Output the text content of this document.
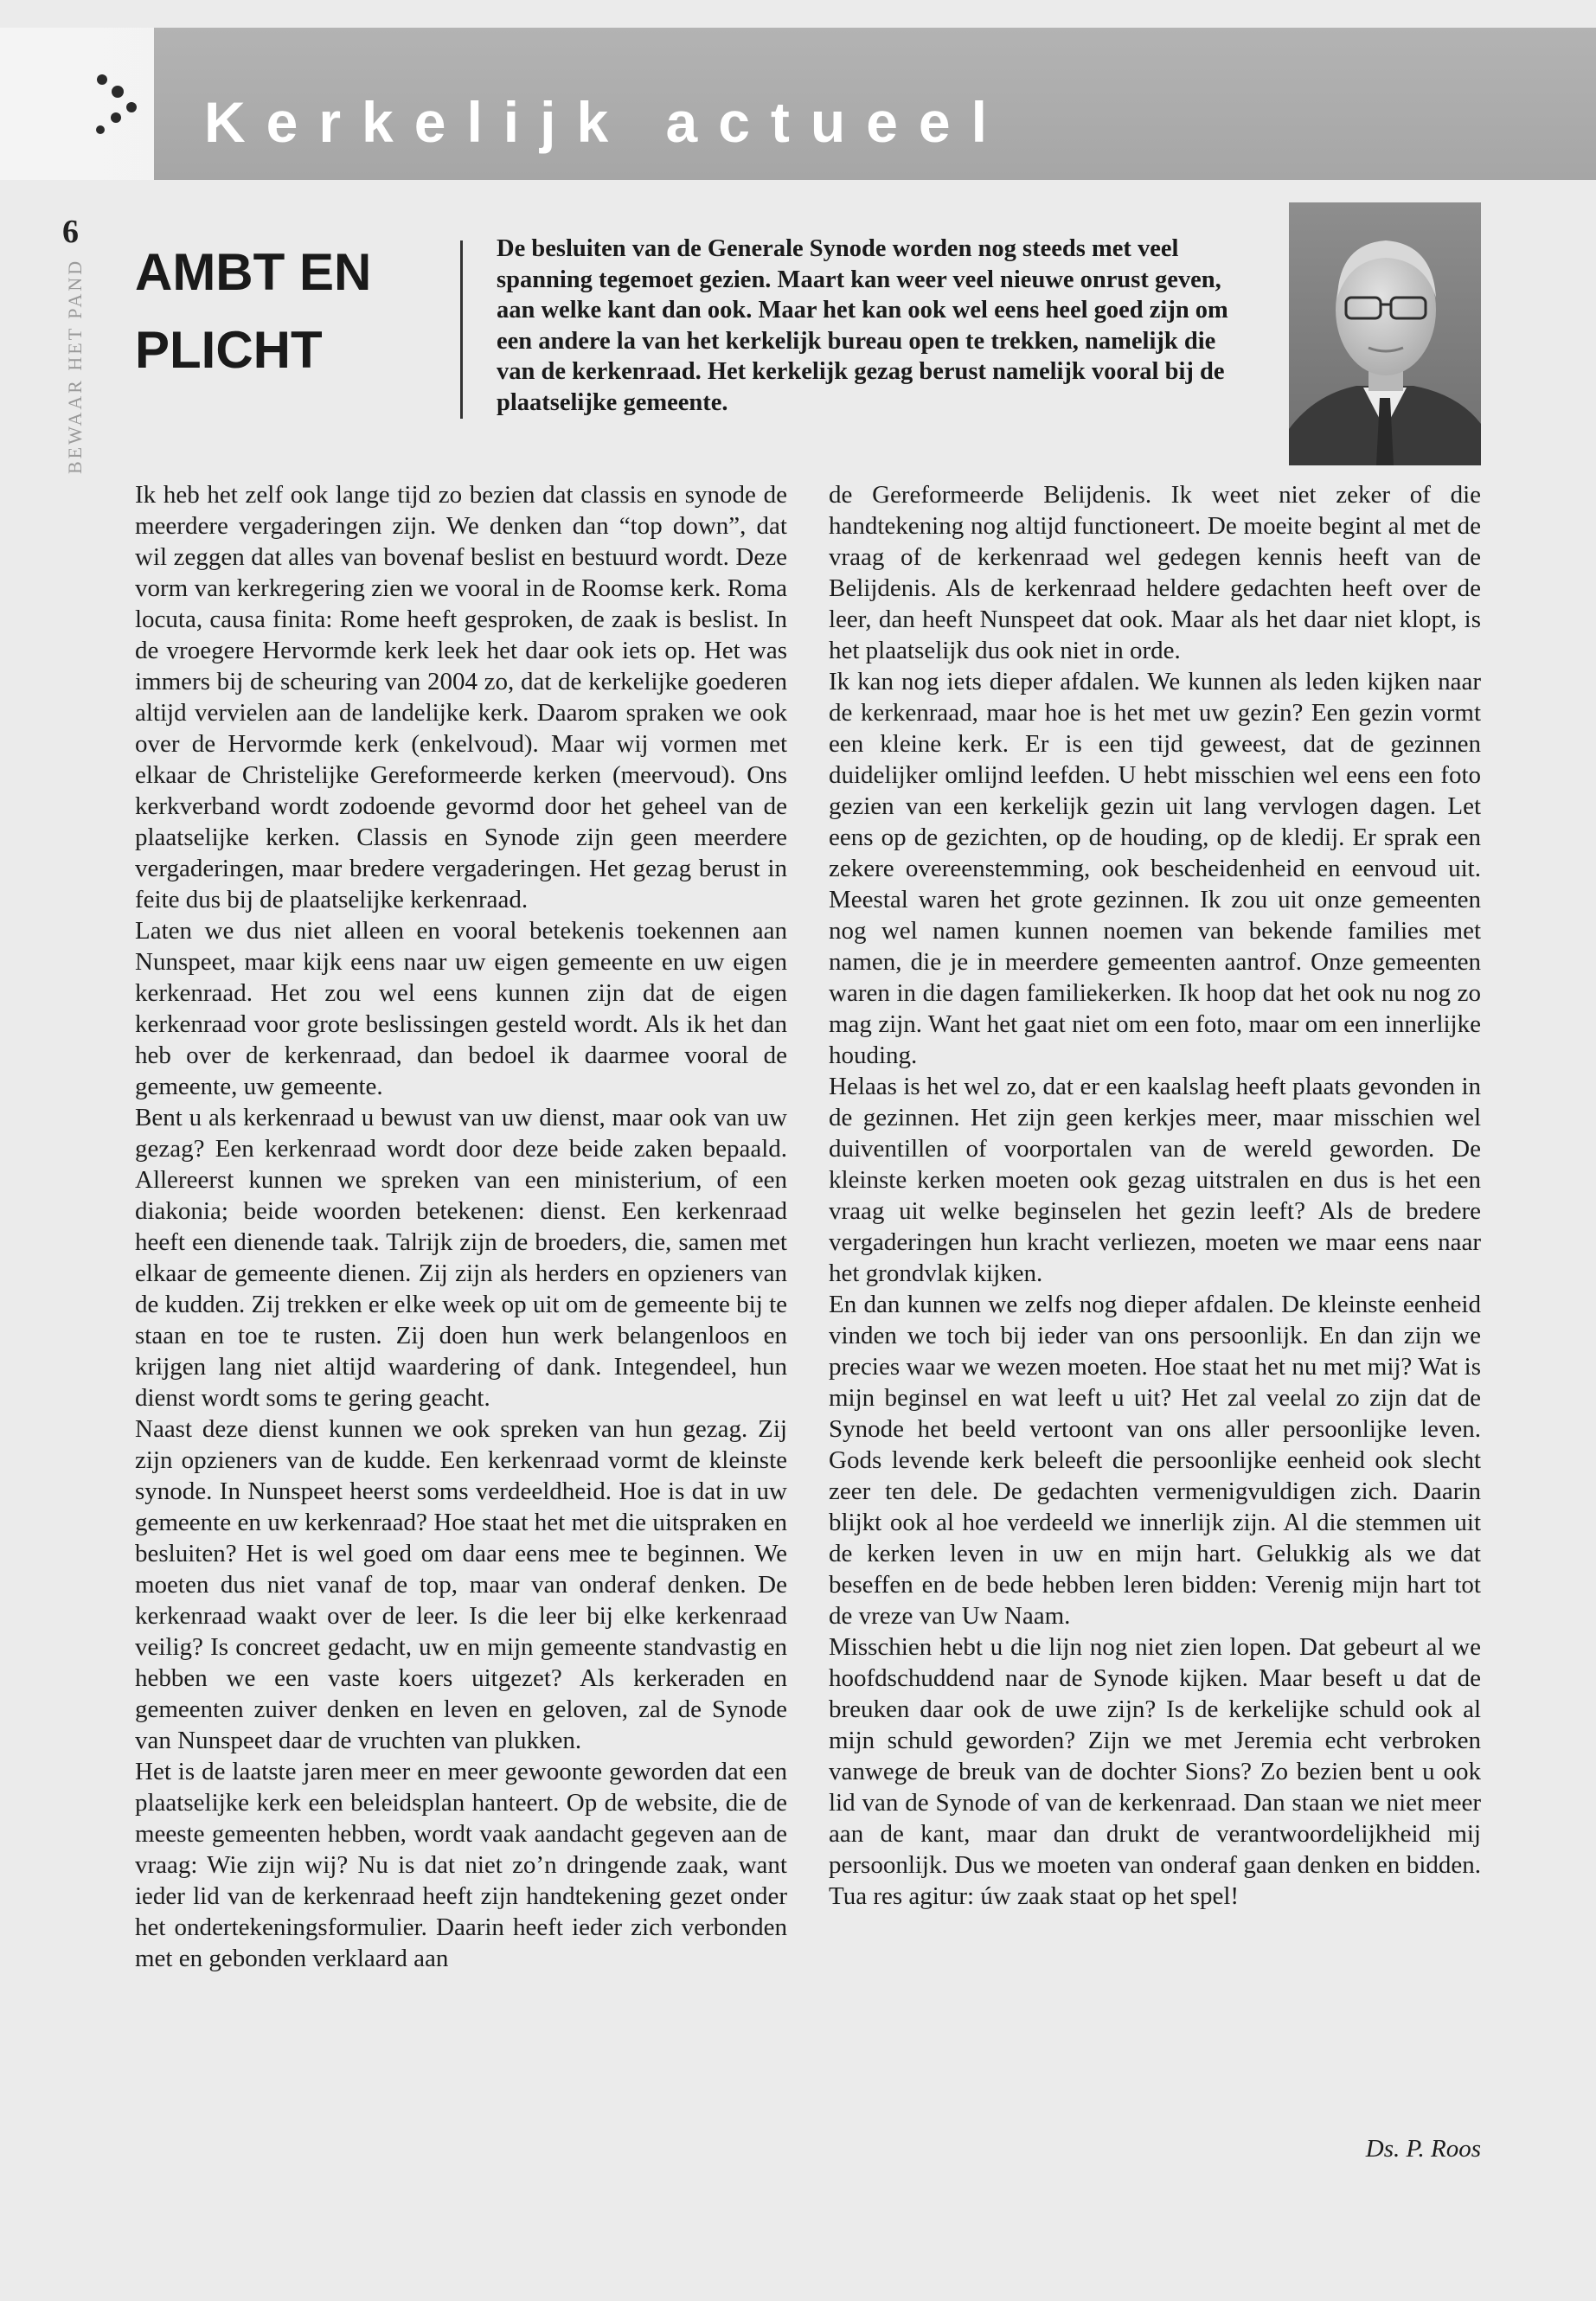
Kerkelijk actueel
6
BEWAAR HET PAND AMBT EN
PLICHT
De besluiten van de Generale Synode worden nog steeds met veel spanning tegemoet gezien. Maart kan weer veel nieuwe onrust geven, aan welke kant dan ook. Maar het kan ook wel eens heel goed zijn om een andere la van het kerkelijk bureau open te trekken, namelijk die van de kerkenraad. Het kerkelijk gezag berust namelijk vooral bij de plaatselijke gemeente.

Ik heb het zelf ook lange tijd zo bezien dat classis en synode de meerdere vergaderingen zijn. We denken dan “top down”, dat wil zeggen dat alles van bovenaf beslist en bestuurd wordt. Deze vorm van kerkregering zien we vooral in de Roomse kerk. Roma locuta, causa finita: Rome heeft gesproken, de zaak is beslist. In de vroegere Hervormde kerk leek het daar ook iets op. Het was immers bij de scheuring van 2004 zo, dat de kerkelijke goederen altijd vervielen aan de landelijke kerk. Daarom spraken we ook over de Hervormde kerk (enkelvoud). Maar wij vormen met elkaar de Christelijke Gereformeerde kerken (meervoud). Ons kerkverband wordt zodoende gevormd door het geheel van de plaatselijke kerken. Classis en Synode zijn geen meerdere vergaderingen, maar bredere vergaderingen. Het gezag berust in feite dus bij de plaatselijke kerkenraad.

Laten we dus niet alleen en vooral betekenis toekennen aan Nunspeet, maar kijk eens naar uw eigen gemeente en uw eigen kerkenraad. Het zou wel eens kunnen zijn dat de eigen kerkenraad voor grote beslissingen gesteld wordt. Als ik het dan heb over de kerkenraad, dan bedoel ik daarmee vooral de gemeente, uw gemeente.

Bent u als kerkenraad u bewust van uw dienst, maar ook van uw gezag? Een kerkenraad wordt door deze beide zaken bepaald. Allereerst kunnen we spreken van een ministerium, of een diakonia; beide woorden betekenen: dienst. Een kerkenraad heeft een dienende taak. Talrijk zijn de broeders, die, samen met elkaar de gemeente dienen. Zij zijn als herders en opzieners van de kudden. Zij trekken er elke week op uit om de gemeente bij te staan en toe te rusten. Zij doen hun werk belangenloos en krijgen lang niet altijd waardering of dank. Integendeel, hun dienst wordt soms te gering geacht.

Naast deze dienst kunnen we ook spreken van hun gezag. Zij zijn opzieners van de kudde. Een kerkenraad vormt de kleinste synode. In Nunspeet heerst soms verdeeldheid. Hoe is dat in uw gemeente en uw kerkenraad? Hoe staat het met die uitspraken en besluiten? Het is wel goed om daar eens mee te beginnen. We moeten dus niet vanaf de top, maar van onderaf denken. De kerkenraad waakt over de leer. Is die leer bij elke kerkenraad veilig? Is concreet gedacht, uw en mijn gemeente standvastig en hebben we een vaste koers uitgezet? Als kerkeraden en gemeenten zuiver denken en leven en geloven, zal de Synode van Nunspeet daar de vruchten van plukken.

Het is de laatste jaren meer en meer gewoonte geworden dat een plaatselijke kerk een beleidsplan hanteert. Op de website, die de meeste gemeenten hebben, wordt vaak aandacht gegeven aan de vraag: Wie zijn wij? Nu is dat niet zo’n dringende zaak, want ieder lid van de kerkenraad heeft zijn handtekening gezet onder het ondertekeningsformulier. Daarin heeft ieder zich verbonden met en gebonden verklaard aan

de Gereformeerde Belijdenis. Ik weet niet zeker of die handtekening nog altijd functioneert. De moeite begint al met de vraag of de kerkenraad wel gedegen kennis heeft van de Belijdenis. Als de kerkenraad heldere gedachten heeft over de leer, dan heeft Nunspeet dat ook. Maar als het daar niet klopt, is het plaatselijk dus ook niet in orde.

Ik kan nog iets dieper afdalen. We kunnen als leden kijken naar de kerkenraad, maar hoe is het met uw gezin? Een gezin vormt een kleine kerk. Er is een tijd geweest, dat de gezinnen duidelijker omlijnd leefden. U hebt misschien wel eens een foto gezien van een kerkelijk gezin uit lang vervlogen dagen. Let eens op de gezichten, op de houding, op de kledij. Er sprak een zekere overeenstemming, ook bescheidenheid en eenvoud uit. Meestal waren het grote gezinnen. Ik zou uit onze gemeenten nog wel namen kunnen noemen van bekende families met namen, die je in meerdere gemeenten aantrof. Onze gemeenten waren in die dagen familiekerken. Ik hoop dat het ook nu nog zo mag zijn. Want het gaat niet om een foto, maar om een innerlijke houding.

Helaas is het wel zo, dat er een kaalslag heeft plaats gevonden in de gezinnen. Het zijn geen kerkjes meer, maar misschien wel duiventillen of voorportalen van de wereld geworden. De kleinste kerken moeten ook gezag uitstralen en dus is het een vraag uit welke beginselen het gezin leeft? Als de bredere vergaderingen hun kracht verliezen, moeten we maar eens naar het grondvlak kijken.

En dan kunnen we zelfs nog dieper afdalen. De kleinste eenheid vinden we toch bij ieder van ons persoonlijk. En dan zijn we precies waar we wezen moeten. Hoe staat het nu met mij? Wat is mijn beginsel en wat leeft u uit? Het zal veelal zo zijn dat de Synode het beeld vertoont van ons aller persoonlijke leven. Gods levende kerk beleeft die persoonlijke eenheid ook slecht zeer ten dele. De gedachten vermenigvuldigen zich. Daarin blijkt ook al hoe verdeeld we innerlijk zijn. Al die stemmen uit de kerken leven in uw en mijn hart. Gelukkig als we dat beseffen en de bede hebben leren bidden: Verenig mijn hart tot de vreze van Uw Naam.

Misschien hebt u die lijn nog niet zien lopen. Dat gebeurt al we hoofdschuddend naar de Synode kijken. Maar beseft u dat de breuken daar ook de uwe zijn? Is de kerkelijke schuld ook al mijn schuld geworden? Zijn we met Jeremia echt verbroken vanwege de breuk van de dochter Sions? Zo bezien bent u ook lid van de Synode of van de kerkenraad. Dan staan we niet meer aan de kant, maar dan drukt de verantwoordelijkheid mij persoonlijk. Dus we moeten van onderaf gaan denken en bidden. Tua res agitur: úw zaak staat op het spel!

Ds. P. Roos
